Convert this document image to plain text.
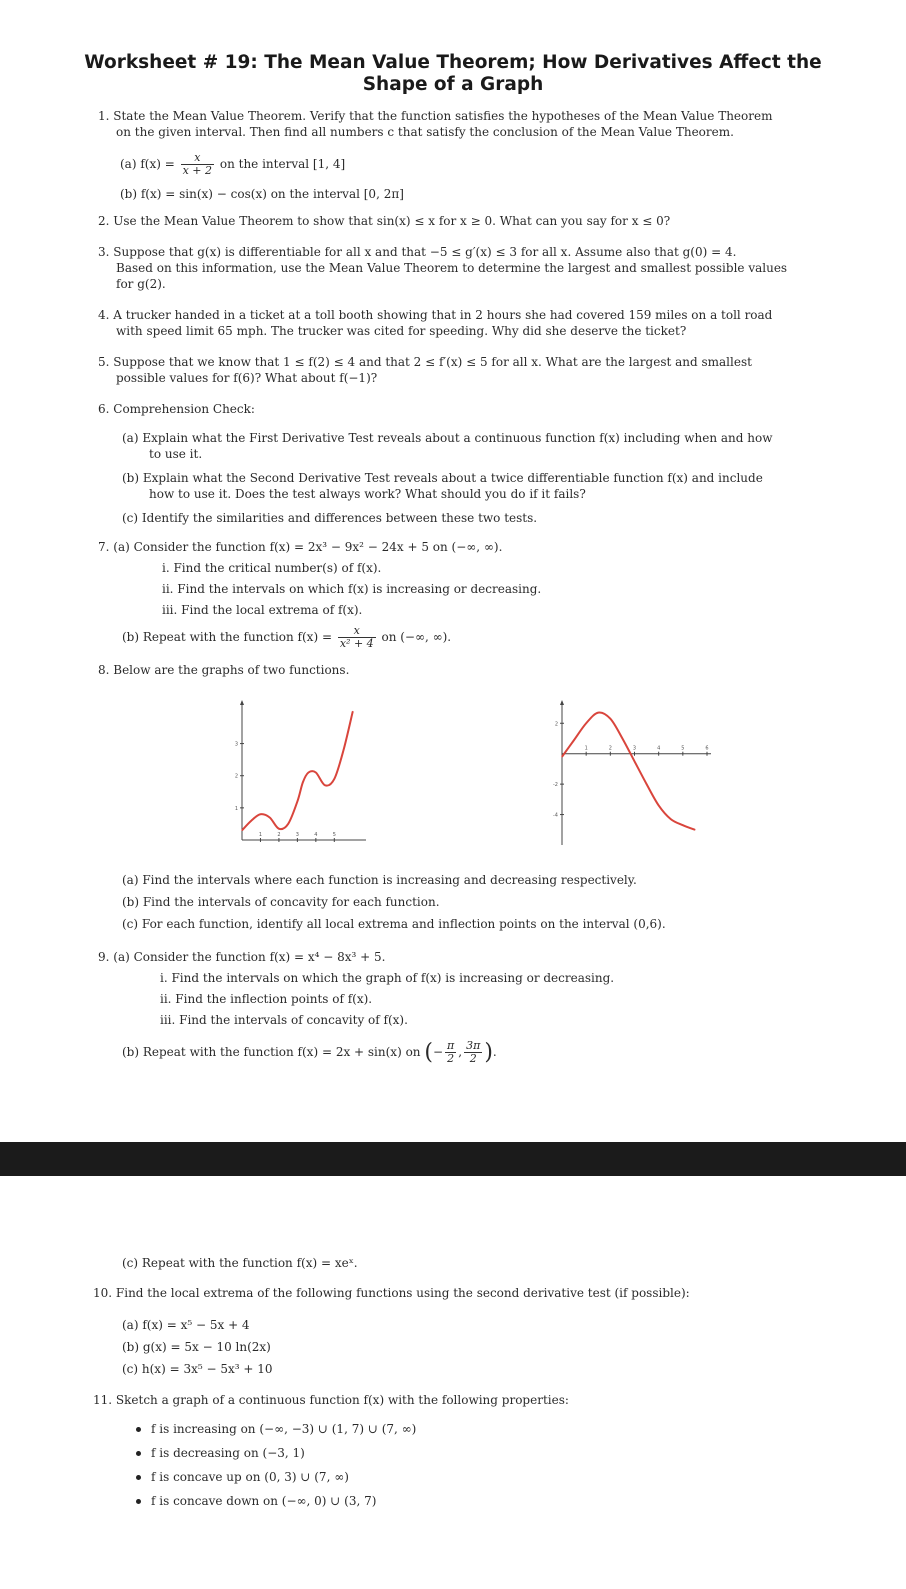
Worksheet # 19: The Mean Value Theorem; How Derivatives Affect the
Shape of a Graph
1. State the Mean Value Theorem. Verify that the function satisfies the hypotheses of the Mean Value Theorem
on the given interval. Then find all numbers c that satisfy the conclusion of the Mean Value Theorem.
(a) $f(x) = \frac{x}{x + 2}$ on the interval [1, 4]
(b) f(x) = sin(x) − cos(x) on the interval [0, 2π]
2. Use the Mean Value Theorem to show that sin(x) ≤ x for x ≥ 0. What can you say for x ≤ 0?
3. Suppose that g(x) is differentiable for all x and that −5 ≤ g′(x) ≤ 3 for all x. Assume also that g(0) = 4.
Based on this information, use the Mean Value Theorem to determine the largest and smallest possible values
for g(2).
4. A trucker handed in a ticket at a toll booth showing that in 2 hours she had covered 159 miles on a toll road
with speed limit 65 mph. The trucker was cited for speeding. Why did she deserve the ticket?
5. Suppose that we know that 1 ≤ f(2) ≤ 4 and that 2 ≤ f′(x) ≤ 5 for all x. What are the largest and smallest
possible values for f(6)? What about f(−1)?
6. Comprehension Check:
(a) Explain what the First Derivative Test reveals about a continuous function f(x) including when and how
to use it.
(b) Explain what the Second Derivative Test reveals about a twice differentiable function f(x) and include
how to use it. Does the test always work? What should you do if it fails?
(c) Identify the similarities and differences between these two tests.
7. (a) Consider the function f(x) = 2x³ − 9x² − 24x + 5 on (−∞, ∞).
i. Find the critical number(s) of f(x).
ii. Find the intervals on which f(x) is increasing or decreasing.
iii. Find the local extrema of f(x).
(b) Repeat with the function $f(x) = \frac{x}{\text{x² + 4}}$ on (−∞, ∞).
8. Below are the graphs of two functions.
1	2	3	4	5
1
2
3
1	2	3	4	5	6
2
-2
-4
(a) Find the intervals where each function is increasing and decreasing respectively.
(b) Find the intervals of concavity for each function.
(c) For each function, identify all local extrema and inflection points on the interval (0,6).
9. (a) Consider the function f(x) = x⁴ − 8x³ + 5.
i. Find the intervals on which the graph of f(x) is increasing or decreasing.
ii. Find the inflection points of f(x).
iii. Find the intervals of concavity of f(x).
(b) Repeat with the function f(x) = 2x + sin(x) on (− $\frac{\pi}{2}$ , $\frac{3\pi}{2}$ ).
(c) Repeat with the function f(x) = xeˣ.
10. Find the local extrema of the following functions using the second derivative test (if possible):
(a) f(x) = x⁵ − 5x + 4
(b) g(x) = 5x − 10 ln(2x)
(c) h(x) = 3x⁵ − 5x³ + 10
11. Sketch a graph of a continuous function f(x) with the following properties:
f is increasing on (−∞, −3) ∪ (1, 7) ∪ (7, ∞)
f is decreasing on (−3, 1)
f is concave up on (0, 3) ∪ (7, ∞)
f is concave down on (−∞, 0) ∪ (3, 7)
